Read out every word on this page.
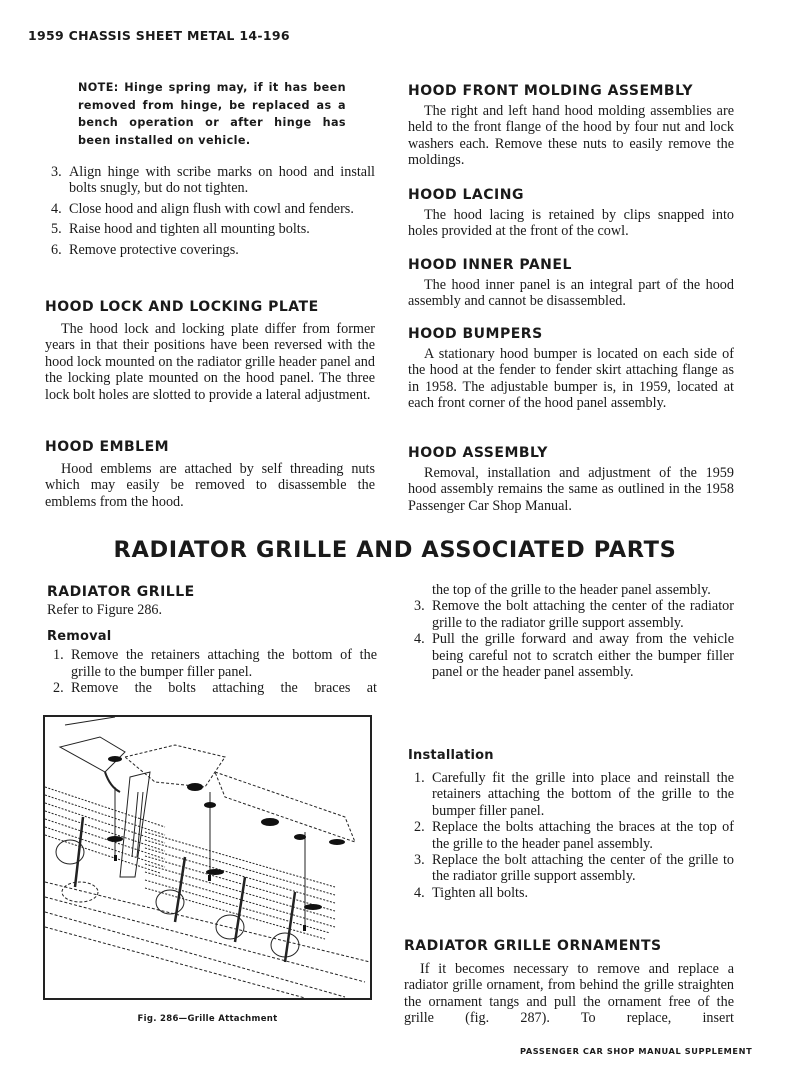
1959 CHASSIS SHEET METAL 14-196
NOTE: Hinge spring may, if it has been removed from hinge, be replaced as a bench operation or after hinge has been installed on vehicle.
3. Align hinge with scribe marks on hood and install bolts snugly, but do not tighten.
4. Close hood and align flush with cowl and fenders.
5. Raise hood and tighten all mounting bolts.
6. Remove protective coverings.
HOOD LOCK AND LOCKING PLATE

The hood lock and locking plate differ from former years in that their positions have been reversed with the hood lock mounted on the radiator grille header panel and the locking plate mounted on the hood panel. The three lock bolt holes are slotted to provide a lateral adjustment.

HOOD EMBLEM

Hood emblems are attached by self threading nuts which may easily be removed to disassemble the emblems from the hood.

HOOD FRONT MOLDING ASSEMBLY

The right and left hand hood molding assemblies are held to the front flange of the hood by four nut and lock washers each. Remove these nuts to easily remove the moldings.

HOOD LACING

The hood lacing is retained by clips snapped into holes provided at the front of the cowl.

HOOD INNER PANEL

The hood inner panel is an integral part of the hood assembly and cannot be disassembled.

HOOD BUMPERS

A stationary hood bumper is located on each side of the hood at the fender to fender skirt attaching flange as in 1958. The adjustable bumper is, in 1959, located at each front corner of the hood panel assembly.

HOOD ASSEMBLY

Removal, installation and adjustment of the 1959 hood assembly remains the same as outlined in the 1958 Passenger Car Shop Manual.

RADIATOR GRILLE AND ASSOCIATED PARTS
RADIATOR GRILLE

Refer to Figure 286.

Removal
1. Remove the retainers attaching the bottom of the grille to the bumper filler panel.
2. Remove the bolts attaching the braces at
the top of the grille to the header panel assembly.
3. Remove the bolt attaching the center of the radiator grille to the radiator grille support assembly.
4. Pull the grille forward and away from the vehicle being careful not to scratch either the bumper filler panel or the header panel assembly.
Installation
1. Carefully fit the grille into place and reinstall the retainers attaching the bottom of the grille to the bumper filler panel.
2. Replace the bolts attaching the braces at the top of the grille to the header panel assembly.
3. Replace the bolt attaching the center of the grille to the radiator grille support assembly.
4. Tighten all bolts.
RADIATOR GRILLE ORNAMENTS

If it becomes necessary to remove and replace a radiator grille ornament, from behind the grille straighten the ornament tangs and pull the ornament free of the grille (fig. 287). To replace, insert

Fig. 286—Grille Attachment
PASSENGER CAR SHOP MANUAL SUPPLEMENT
